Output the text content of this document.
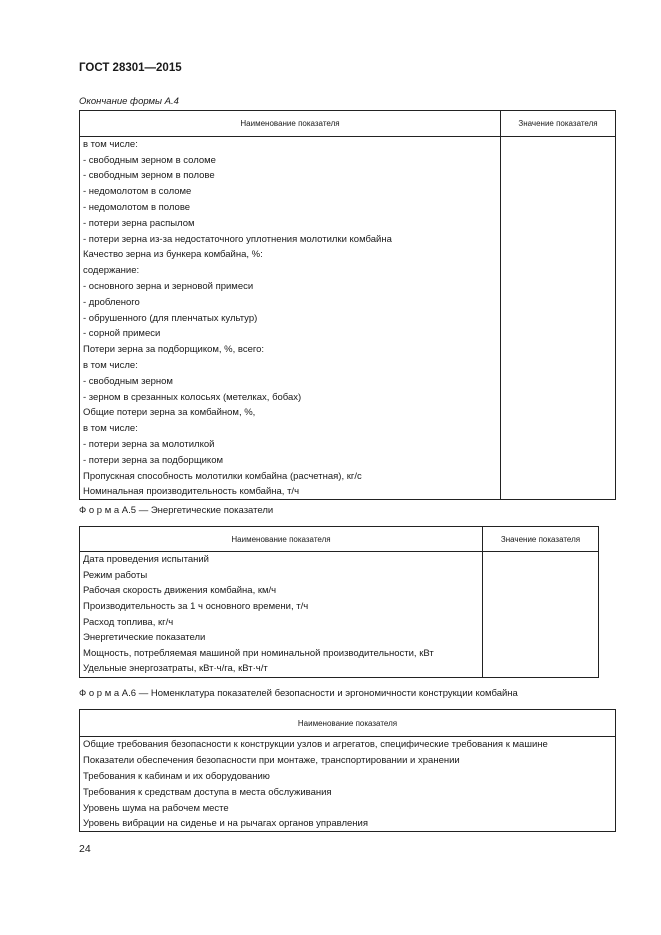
ГОСТ 28301—2015
Окончание формы А.4
Наименование показателя	Значение показателя
в том числе:	
- свободным зерном в соломе	
- свободным зерном в полове	
- недомолотом в соломе	
- недомолотом в полове	
- потери зерна распылом	
- потери зерна из-за недостаточного уплотнения молотилки комбайна	
Качество зерна из бункера комбайна, %:	
содержание:	
- основного зерна и зерновой примеси	
- дробленого	
- обрушенного (для пленчатых культур)	
- сорной примеси	
Потери зерна за подборщиком, %, всего:	
в том числе:	
- свободным зерном	
- зерном в срезанных колосьях (метелках, бобах)	
Общие потери зерна за комбайном, %,	
в том числе:	
- потери зерна за молотилкой	
- потери зерна за подборщиком	
Пропускная способность молотилки комбайна (расчетная), кг/с	
Номинальная производительность комбайна, т/ч	
Ф о р м а А.5 — Энергетические показатели
Наименование показателя	Значение показателя
Дата проведения испытаний	
Режим работы	
Рабочая скорость движения комбайна, км/ч	
Производительность за 1 ч основного времени, т/ч	
Расход топлива, кг/ч	
Энергетические показатели	
Мощность, потребляемая машиной при номинальной производительности, кВт	
Удельные энергозатраты, кВт·ч/га, кВт·ч/т	
Ф о р м а А.6 — Номенклатура показателей безопасности и эргономичности конструкции комбайна
Наименование показателя
Общие требования безопасности к конструкции узлов и агрегатов, специфические требования к машине
Показатели обеспечения безопасности при монтаже, транспортировании и хранении
Требования к кабинам и их оборудованию
Требования к средствам доступа в места обслуживания
Уровень шума на рабочем месте
Уровень вибрации на сиденье и на рычагах органов управления
24
